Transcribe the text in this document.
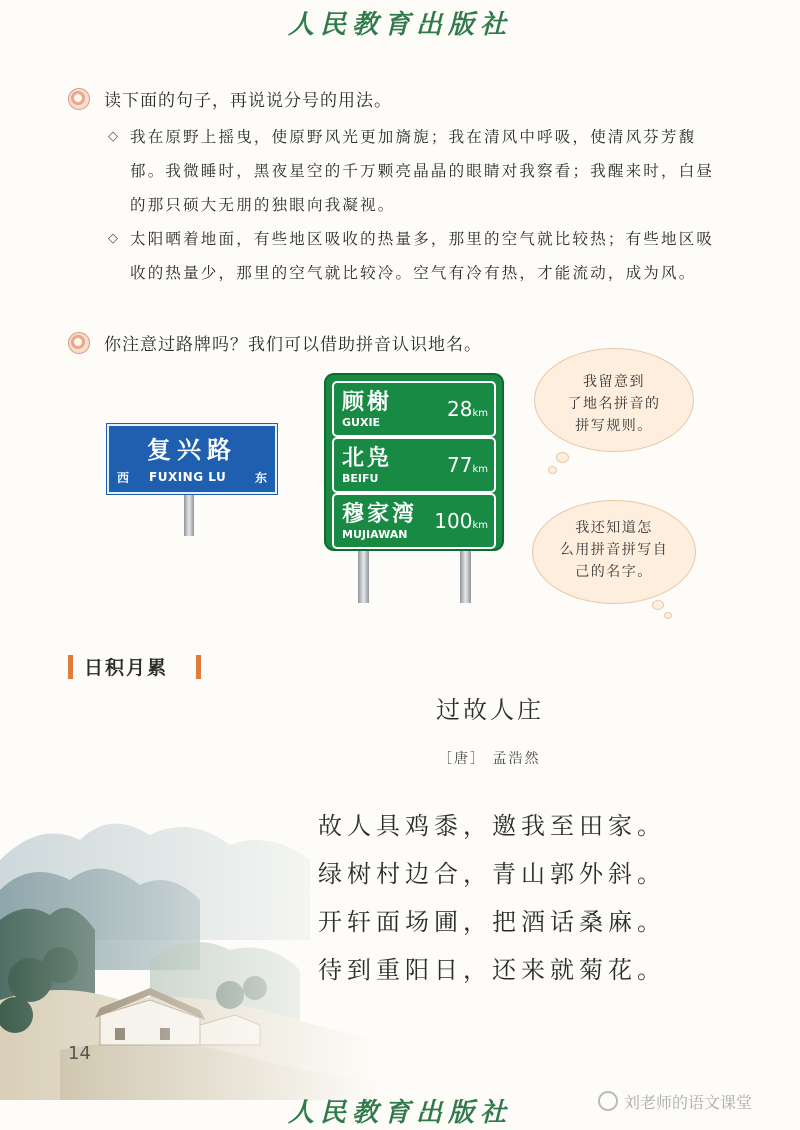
人民教育出版社
读下面的句子，再说说分号的用法。

◇ 我在原野上摇曳，使原野风光更加旖旎；我在清风中呼吸，使清风芬芳馥郁。我微睡时，黑夜星空的千万颗亮晶晶的眼睛对我察看；我醒来时，白昼的那只硕大无朋的独眼向我凝视。

◇ 太阳晒着地面，有些地区吸收的热量多，那里的空气就比较热；有些地区吸收的热量少，那里的空气就比较冷。空气有冷有热，才能流动，成为风。

你注意过路牌吗？我们可以借助拼音认识地名。
复兴路
西 FUXING LU 东
顾榭
GUXIE
28km
北凫
BEIFU
77km
穆家湾
MUJIAWAN
100km
我留意到
了地名拼音的
拼写规则。
我还知道怎
么用拼音拼写自
己的名字。
日积月累
过故人庄
［唐］ 孟浩然
故人具鸡黍，邀我至田家。
绿树村边合，青山郭外斜。
开轩面场圃，把酒话桑麻。
待到重阳日，还来就菊花。
14
人民教育出版社	刘老师的语文课堂
